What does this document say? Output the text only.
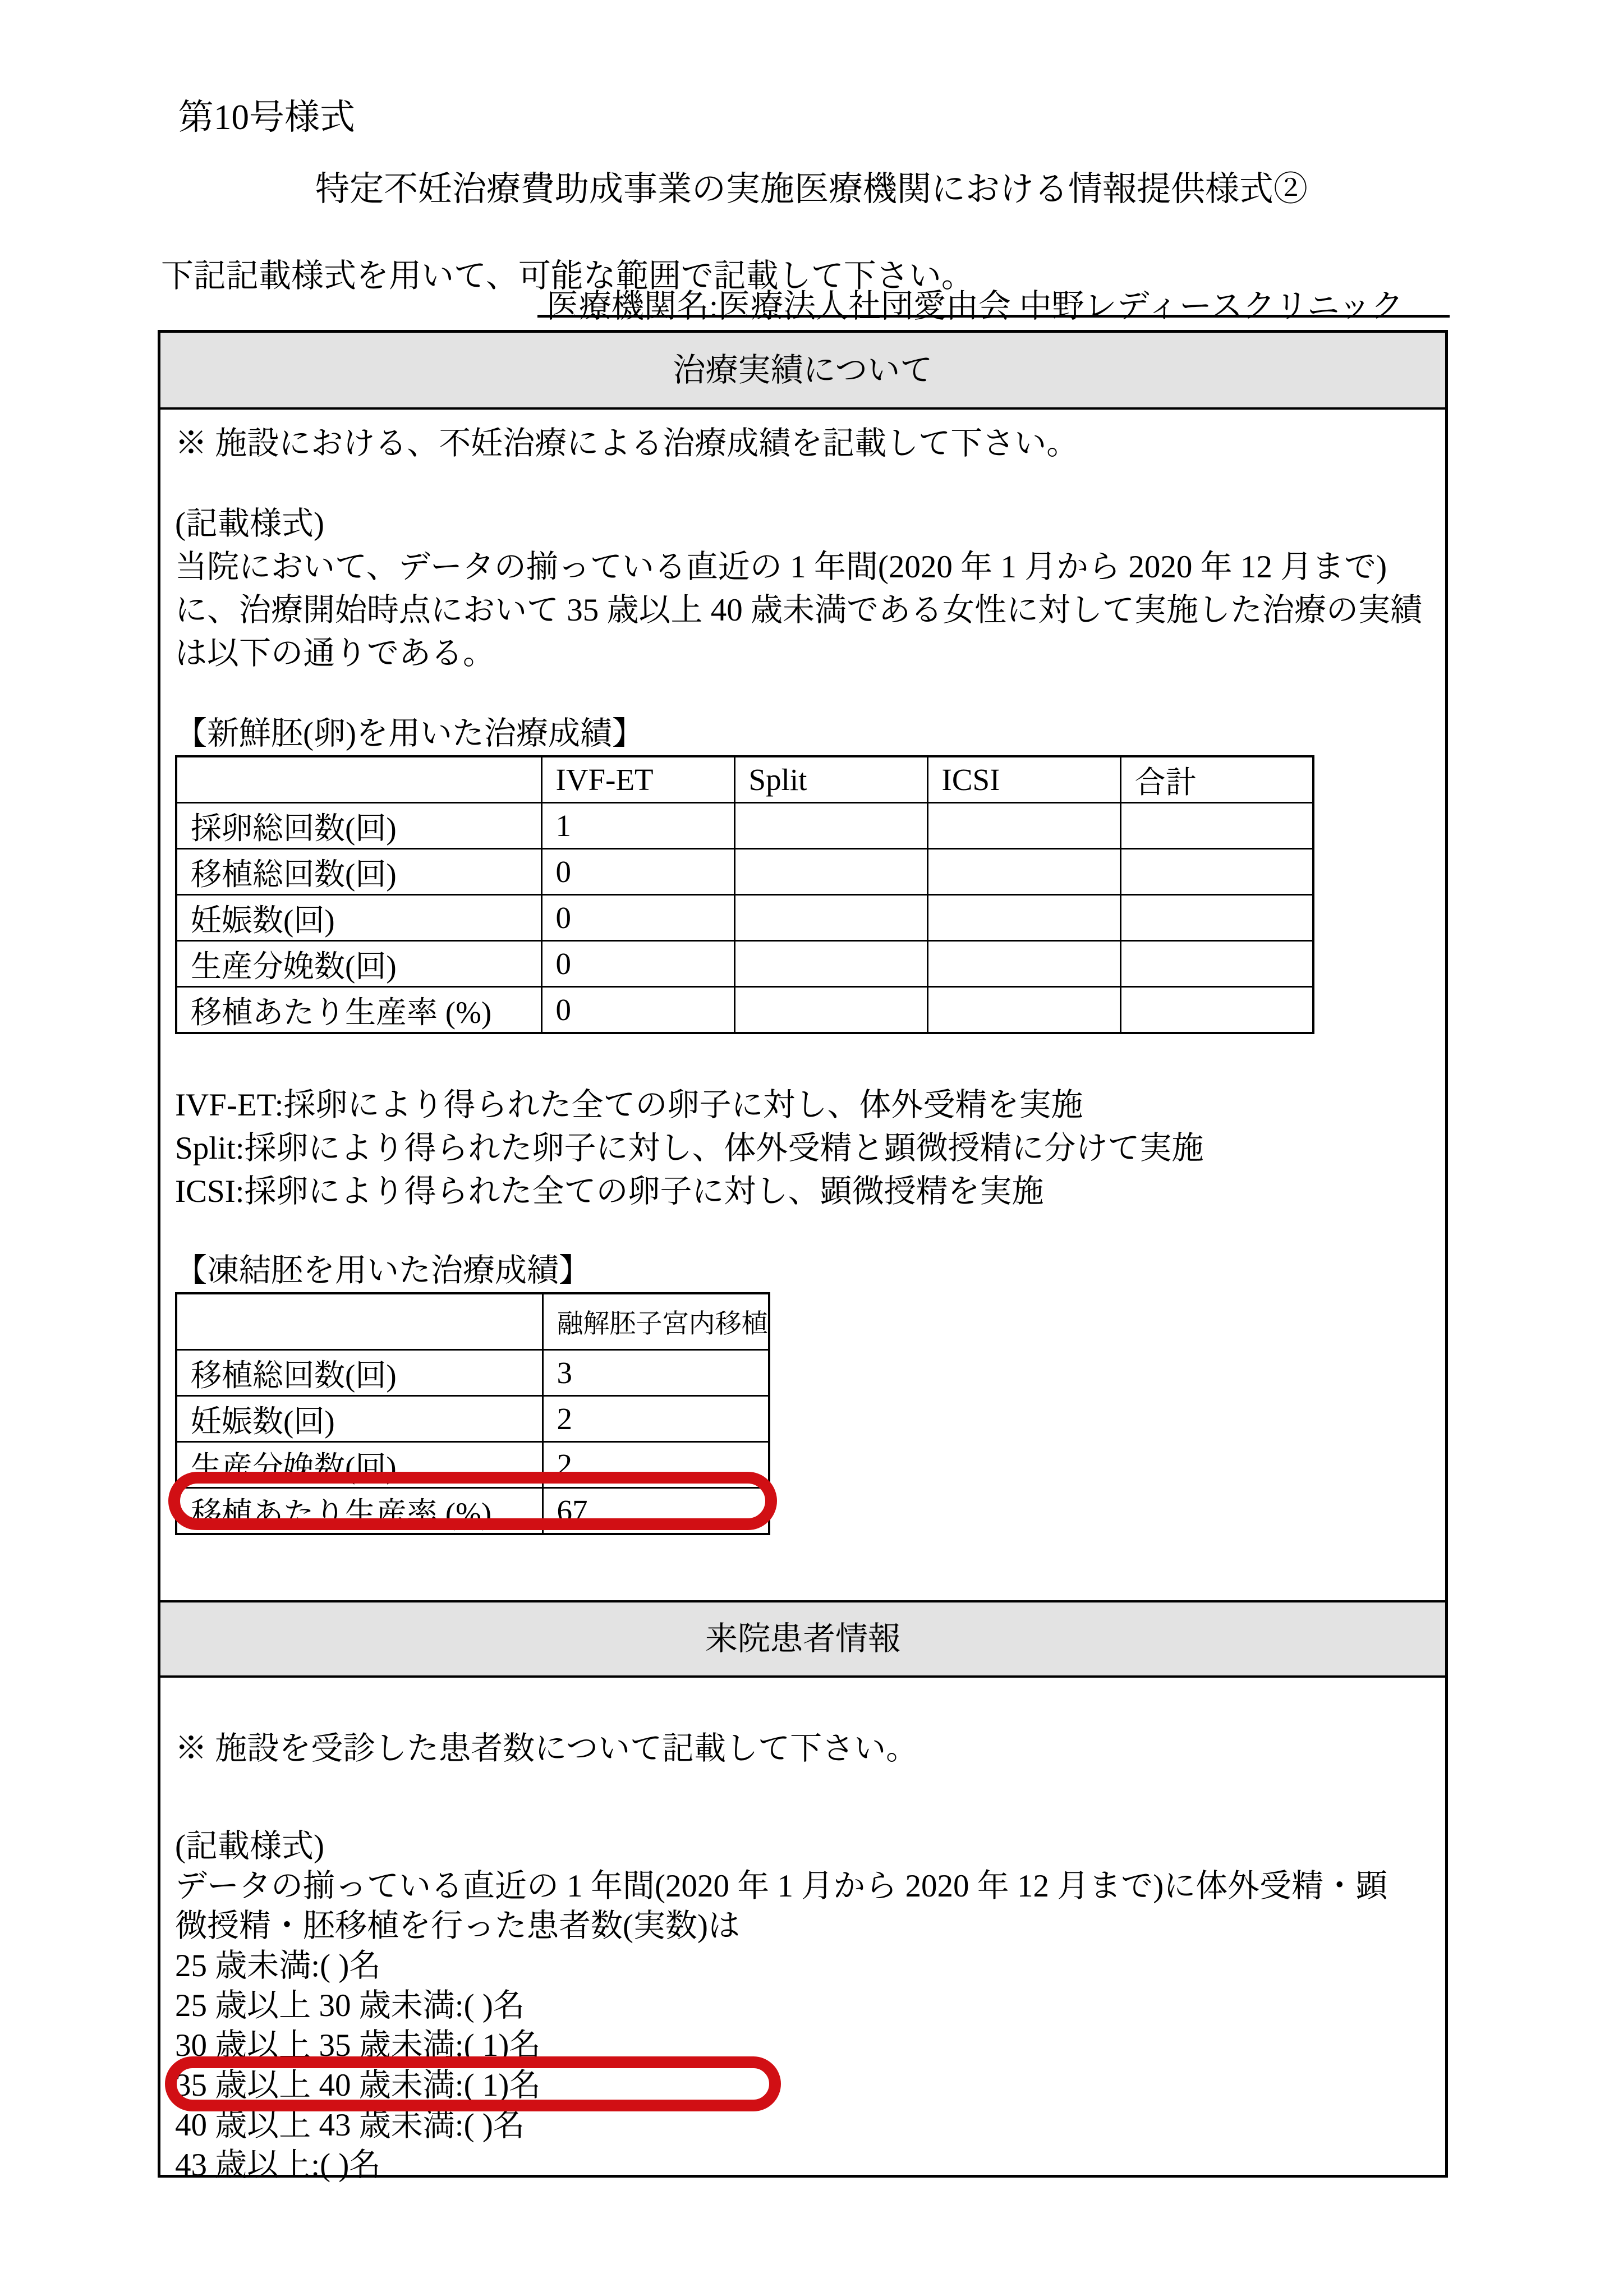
第10号様式
特定不妊治療費助成事業の実施医療機関における情報提供様式②
下記記載様式を用いて、可能な範囲で記載して下さい。
医療機関名:医療法人社団愛由会 中野レディースクリニック
治療実績について
※ 施設における、不妊治療による治療成績を記載して下さい。
(記載様式)
当院において、データの揃っている直近の 1 年間(2020 年 1 月から 2020 年 12 月まで)
に、治療開始時点において 35 歳以上 40 歳未満である女性に対して実施した治療の実績
は以下の通りである。
【新鮮胚(卵)を用いた治療成績】
	IVF-ET	Split	ICSI	合計
採卵総回数(回)	1			
移植総回数(回)	0			
妊娠数(回)	0			
生産分娩数(回)	0			
移植あたり生産率 (%)	0			
IVF-ET:採卵により得られた全ての卵子に対し、体外受精を実施
Split:採卵により得られた卵子に対し、体外受精と顕微授精に分けて実施
ICSI:採卵により得られた全ての卵子に対し、顕微授精を実施
【凍結胚を用いた治療成績】
	融解胚子宮内移植
移植総回数(回)	3
妊娠数(回)	2
生産分娩数(回)	2
移植あたり生産率 (%)	67
来院患者情報
※ 施設を受診した患者数について記載して下さい。
(記載様式)
データの揃っている直近の 1 年間(2020 年 1 月から 2020 年 12 月まで)に体外受精・顕
微授精・胚移植を行った患者数(実数)は
25 歳未満:( )名
25 歳以上 30 歳未満:( )名
30 歳以上 35 歳未満:( 1)名
35 歳以上 40 歳未満:( 1)名
40 歳以上 43 歳未満:( )名
43 歳以上:( )名
